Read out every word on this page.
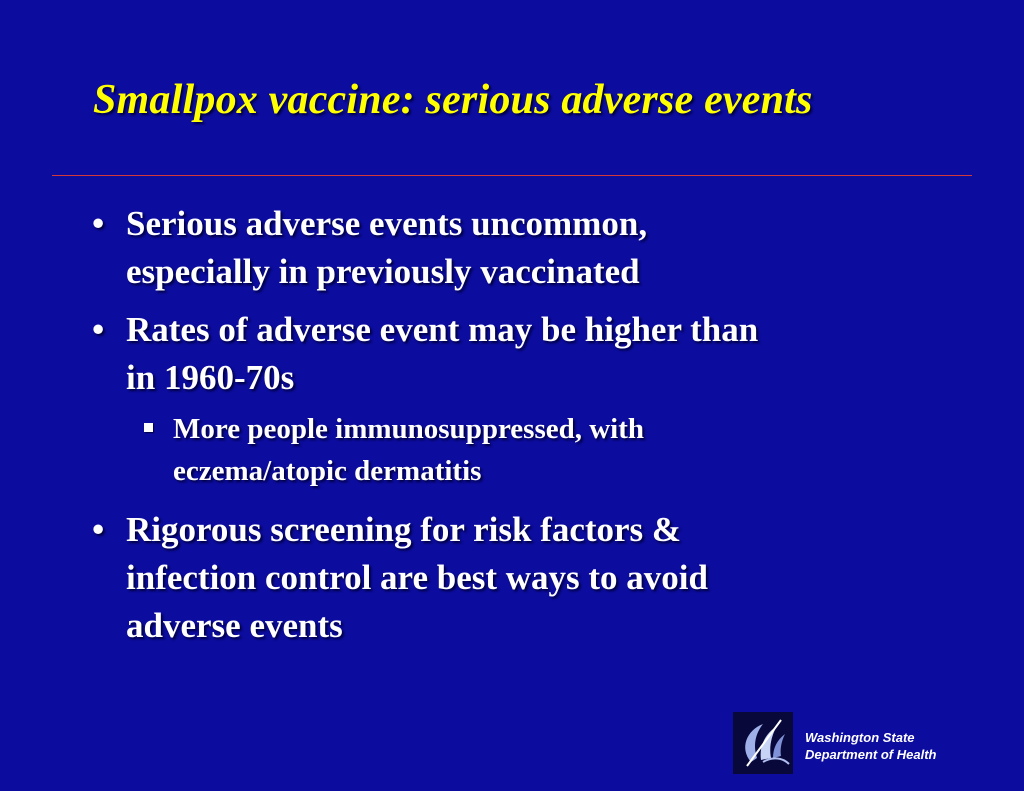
Smallpox vaccine: serious adverse events
• Serious adverse events uncommon,
especially in previously vaccinated
• Rates of adverse event may be higher than
in 1960-70s
More people immunosuppressed, with
eczema/atopic dermatitis
• Rigorous screening for risk factors &
infection control are best ways to avoid
adverse events
Washington State
Department of Health
